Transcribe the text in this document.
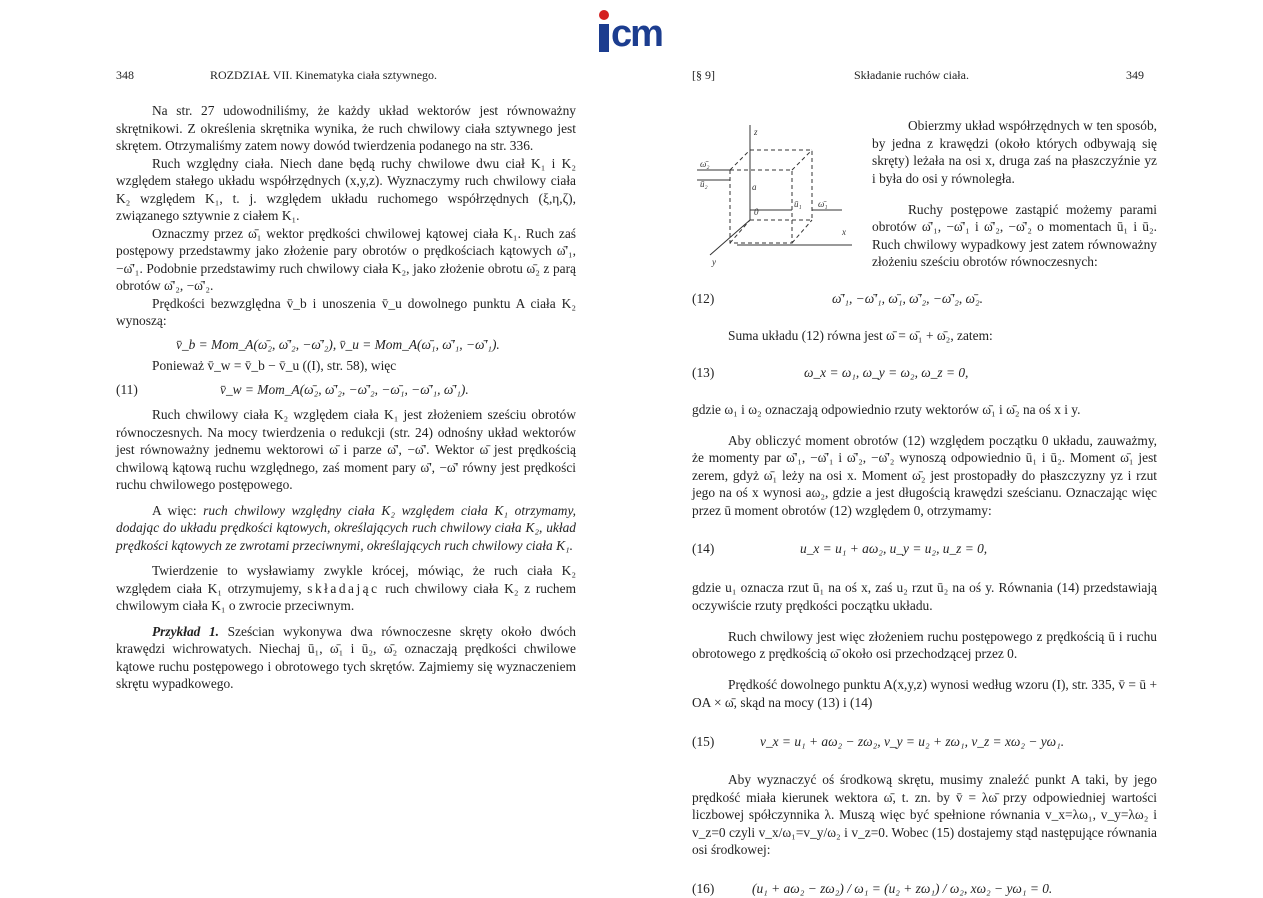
cm
348	ROZDZIAŁ VII. Kinematyka ciała sztywnego.

Na str. 27 udowodniliśmy, że każdy układ wektorów jest równoważny skrętnikowi. Z określenia skrętnika wynika, że ruch chwilowy ciała sztywnego jest skrętem. Otrzymaliśmy zatem nowy dowód twierdzenia podanego na str. 336.

Ruch względny ciała. Niech dane będą ruchy chwilowe dwu ciał K₁ i K₂ względem stałego układu współrzędnych (x,y,z). Wyznaczymy ruch chwilowy ciała K₂ względem K₁, t. j. względem układu ruchomego współrzędnych (ξ,η,ζ), związanego sztywnie z ciałem K₁.

Oznaczmy przez ω̄₁ wektor prędkości chwilowej kątowej ciała K₁. Ruch zaś postępowy przedstawmy jako złożenie pary obrotów o prędkościach kątowych ω̄'₁, −ω̄'₁. Podobnie przedstawimy ruch chwilowy ciała K₂, jako złożenie obrotu ω̄₂ z parą obrotów ω̄'₂, −ω̄'₂.

Prędkości bezwzględna v̄_b i unoszenia v̄_u dowolnego punktu A ciała K₂ wynoszą:

v̄_b = Mom_A(ω̄₂, ω̄'₂, −ω̄'₂), v̄_u = Mom_A(ω̄₁, ω̄'₁, −ω̄'₁).

Ponieważ v̄_w = v̄_b − v̄_u ((I), str. 58), więc

(11)	v̄_w = Mom_A(ω̄₂, ω̄'₂, −ω̄'₂, −ω̄₁, −ω̄'₁, ω̄'₁).

Ruch chwilowy ciała K₂ względem ciała K₁ jest złożeniem sześciu obrotów równoczesnych. Na mocy twierdzenia o redukcji (str. 24) odnośny układ wektorów jest równoważny jednemu wektorowi ω̄ i parze ω̄', −ω̄'. Wektor ω̄ jest prędkością chwilową kątową ruchu względnego, zaś moment pary ω̄', −ω̄' równy jest prędkości ruchu chwilowego postępowego.

A więc: ruch chwilowy względny ciała K₂ względem ciała K₁ otrzymamy, dodając do układu prędkości kątowych, określających ruch chwilowy ciała K₂, układ prędkości kątowych ze zwrotami przeciwnymi, określających ruch chwilowy ciała K₁.

Twierdzenie to wysławiamy zwykle krócej, mówiąc, że ruch ciała K₂ względem ciała K₁ otrzymujemy, składając ruch chwilowy ciała K₂ z ruchem chwilowym ciała K₁ o zwrocie przeciwnym.

Przykład 1. Sześcian wykonywa dwa równoczesne skręty około dwóch krawędzi wichrowatych. Niechaj ū₁, ω̄₁ i ū₂, ω̄₂ oznaczają prędkości chwilowe kątowe ruchu postępowego i obrotowego tych skrętów. Zajmiemy się wyznaczeniem skrętu wypadkowego.

[§ 9]	Składanie ruchów ciała.	349
z
x
y
0
a
ω̄₂
ū₂
ū₁ ω̄₁

Obierzmy układ współrzędnych w ten sposób, by jedna z krawędzi (około których odbywają się skręty) leżała na osi x, druga zaś na płaszczyźnie yz i była do osi y równoległa.

Ruchy postępowe zastąpić możemy parami obrotów ω̄'₁, −ω̄'₁ i ω̄'₂, −ω̄'₂ o momentach ū₁ i ū₂. Ruch chwilowy wypadkowy jest zatem równoważny złożeniu sześciu obrotów równoczesnych:

(12)	ω̄'₁, −ω̄'₁, ω̄₁, ω̄'₂, −ω̄'₂, ω̄₂.

Suma układu (12) równa jest ω̄ = ω̄₁ + ω̄₂, zatem:

(13)	ω_x = ω₁, ω_y = ω₂, ω_z = 0,

gdzie ω₁ i ω₂ oznaczają odpowiednio rzuty wektorów ω̄₁ i ω̄₂ na oś x i y.

Aby obliczyć moment obrotów (12) względem początku 0 układu, zauważmy, że momenty par ω̄'₁, −ω̄'₁ i ω̄'₂, −ω̄'₂ wynoszą odpowiednio ū₁ i ū₂. Moment ω̄₁ jest zerem, gdyż ω̄₁ leży na osi x. Moment ω̄₂ jest prostopadły do płaszczyzny yz i rzut jego na oś x wynosi aω₂, gdzie a jest długością krawędzi sześcianu. Oznaczając więc przez ū moment obrotów (12) względem 0, otrzymamy:

(14)	u_x = u₁ + aω₂, u_y = u₂, u_z = 0,

gdzie u₁ oznacza rzut ū₁ na oś x, zaś u₂ rzut ū₂ na oś y. Równania (14) przedstawiają oczywiście rzuty prędkości początku układu.

Ruch chwilowy jest więc złożeniem ruchu postępowego z prędkością ū i ruchu obrotowego z prędkością ω̄ około osi przechodzącej przez 0.

Prędkość dowolnego punktu A(x,y,z) wynosi według wzoru (I), str. 335, v̄ = ū + OA × ω̄, skąd na mocy (13) i (14)

(15)	v_x = u₁ + aω₂ − zω₂, v_y = u₂ + zω₁, v_z = xω₂ − yω₁.

Aby wyznaczyć oś środkową skrętu, musimy znaleźć punkt A taki, by jego prędkość miała kierunek wektora ω̄, t. zn. by v̄ = λω̄ przy odpowiedniej wartości liczbowej spółczynnika λ. Muszą więc być spełnione równania v_x=λω₁, v_y=λω₂ i v_z=0 czyli v_x/ω₁=v_y/ω₂ i v_z=0. Wobec (15) dostajemy stąd następujące równania osi środkowej:

(16)	(u₁ + aω₂ − zω₂) / ω₁ = (u₂ + zω₁) / ω₂, xω₂ − yω₁ = 0.
